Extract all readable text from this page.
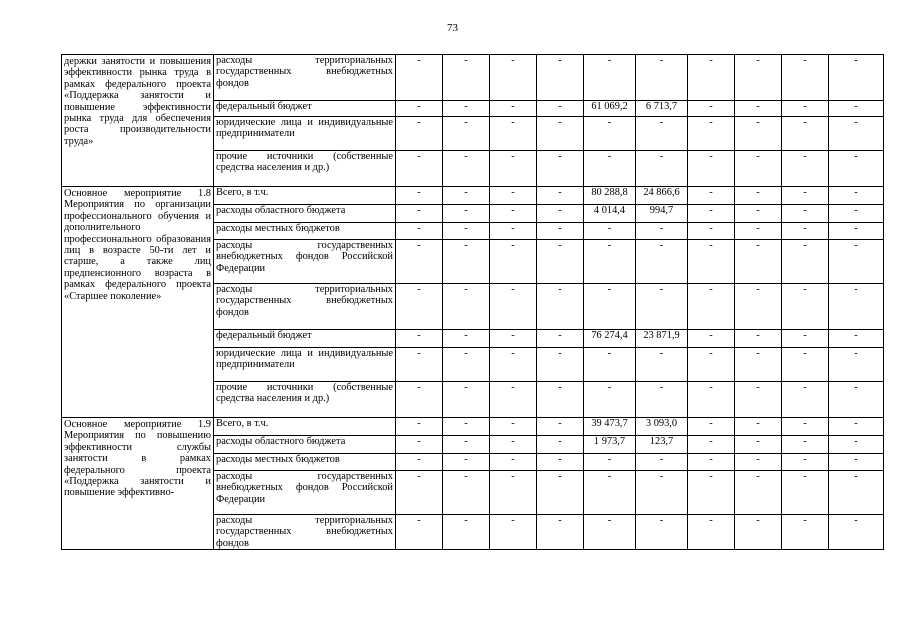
73
держки занятости и повышения эффективности рынка труда в рамках федерального проекта «Поддержка занятости и повышение эффективности рынка труда для обеспечения роста производительности труда»	расходы территориальных государственных внебюджетных фондов	-	-	-	-	-	-	-	-	-	-

	федеральный бюджет	-	-	-	-	61 069,2	6 713,7	-	-	-	-

	юридические лица и индивидуальные предприниматели	-	-	-	-	-	-	-	-	-	-

	прочие источники (собственные средства населения и др.)	-	-	-	-	-	-	-	-	-	-

Основное мероприятие 1.8 Мероприятия по организации профессионального обучения и дополнительного профессионального образования лиц в возрасте 50-ти лет и старше, а также лиц предпенсионного возраста в рамках федерального проекта «Старшее поколение»	Всего, в т.ч.	-	-	-	-	80 288,8	24 866,6	-	-	-	-

	расходы областного бюджета	-	-	-	-	4 014,4	994,7	-	-	-	-

	расходы местных бюджетов	-	-	-	-	-	-	-	-	-	-

	расходы государственных внебюджетных фондов Российской Федерации	-	-	-	-	-	-	-	-	-	-

	расходы территориальных государственных внебюджетных фондов	-	-	-	-	-	-	-	-	-	-

	федеральный бюджет	-	-	-	-	76 274,4	23 871,9	-	-	-	-

	юридические лица и индивидуальные предприниматели	-	-	-	-	-	-	-	-	-	-

	прочие источники (собственные средства населения и др.)	-	-	-	-	-	-	-	-	-	-

Основное мероприятие 1.9 Мероприятия по повышению эффективности службы занятости в рамках федерального проекта «Поддержка занятости и повышение эффективно-	Всего, в т.ч.	-	-	-	-	39 473,7	3 093,0	-	-	-	-

	расходы областного бюджета	-	-	-	-	1 973,7	123,7	-	-	-	-

	расходы местных бюджетов	-	-	-	-	-	-	-	-	-	-

	расходы государственных внебюджетных фондов Российской Федерации	-	-	-	-	-	-	-	-	-	-

	расходы территориальных государственных внебюджетных фондов	-	-	-	-	-	-	-	-	-	-
